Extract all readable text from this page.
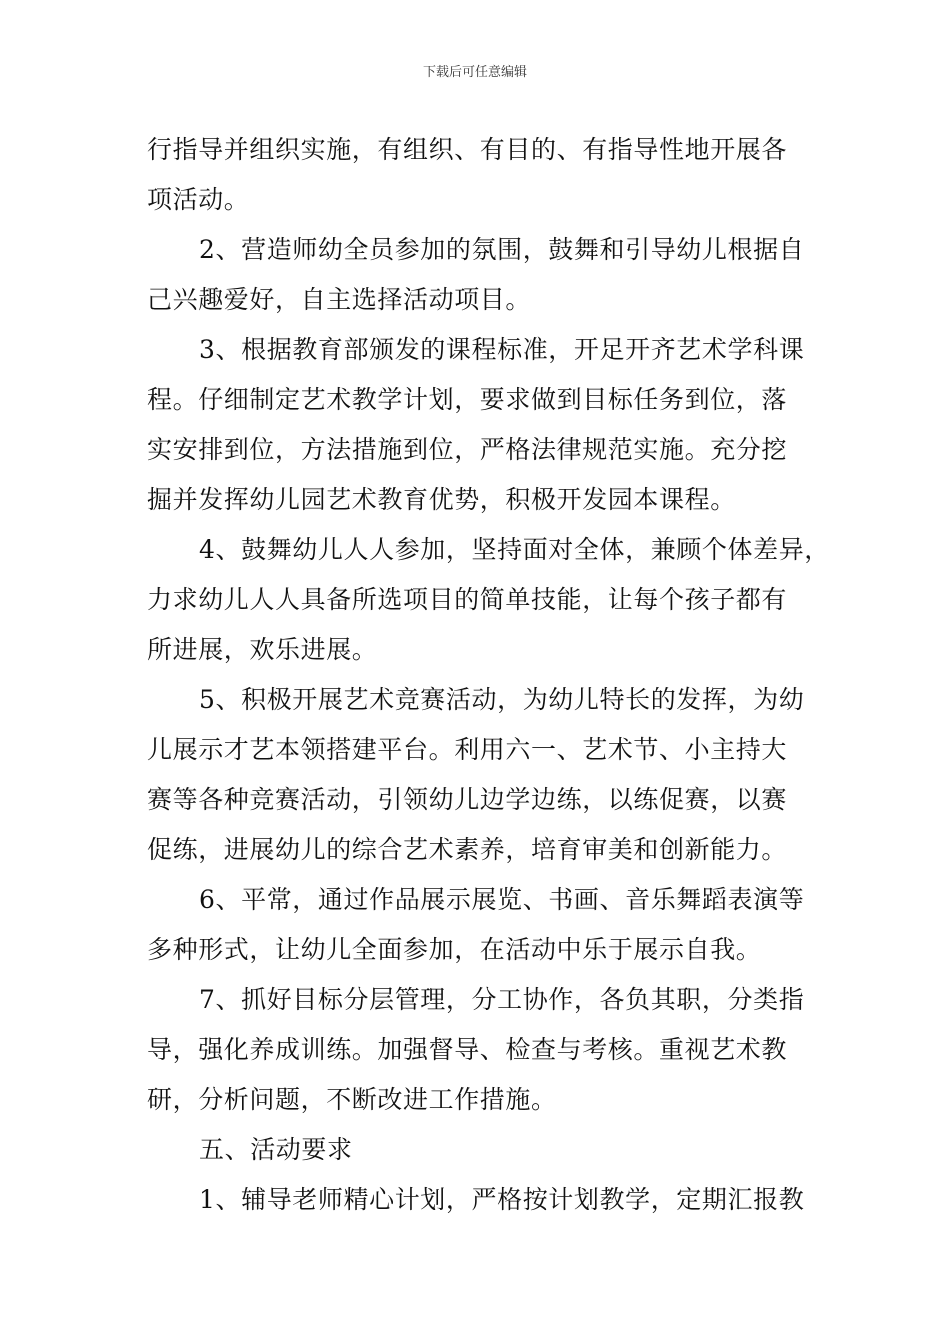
下载后可任意编辑
行指导并组织实施，有组织、有目的、有指导性地开展各
项活动。
2、营造师幼全员参加的氛围，鼓舞和引导幼儿根据自
己兴趣爱好，自主选择活动项目。
3、根据教育部颁发的课程标准，开足开齐艺术学科课
程。仔细制定艺术教学计划，要求做到目标任务到位，落
实安排到位，方法措施到位，严格法律规范实施。充分挖
掘并发挥幼儿园艺术教育优势，积极开发园本课程。
4、鼓舞幼儿人人参加，坚持面对全体，兼顾个体差异，
力求幼儿人人具备所选项目的简单技能，让每个孩子都有
所进展，欢乐进展。
5、积极开展艺术竞赛活动，为幼儿特长的发挥，为幼
儿展示才艺本领搭建平台。利用六一、艺术节、小主持大
赛等各种竞赛活动，引领幼儿边学边练，以练促赛，以赛
促练，进展幼儿的综合艺术素养，培育审美和创新能力。
6、平常，通过作品展示展览、书画、音乐舞蹈表演等
多种形式，让幼儿全面参加，在活动中乐于展示自我。
7、抓好目标分层管理，分工协作，各负其职，分类指
导，强化养成训练。加强督导、检查与考核。重视艺术教
研，分析问题，不断改进工作措施。
五、活动要求
1、辅导老师精心计划，严格按计划教学，定期汇报教
